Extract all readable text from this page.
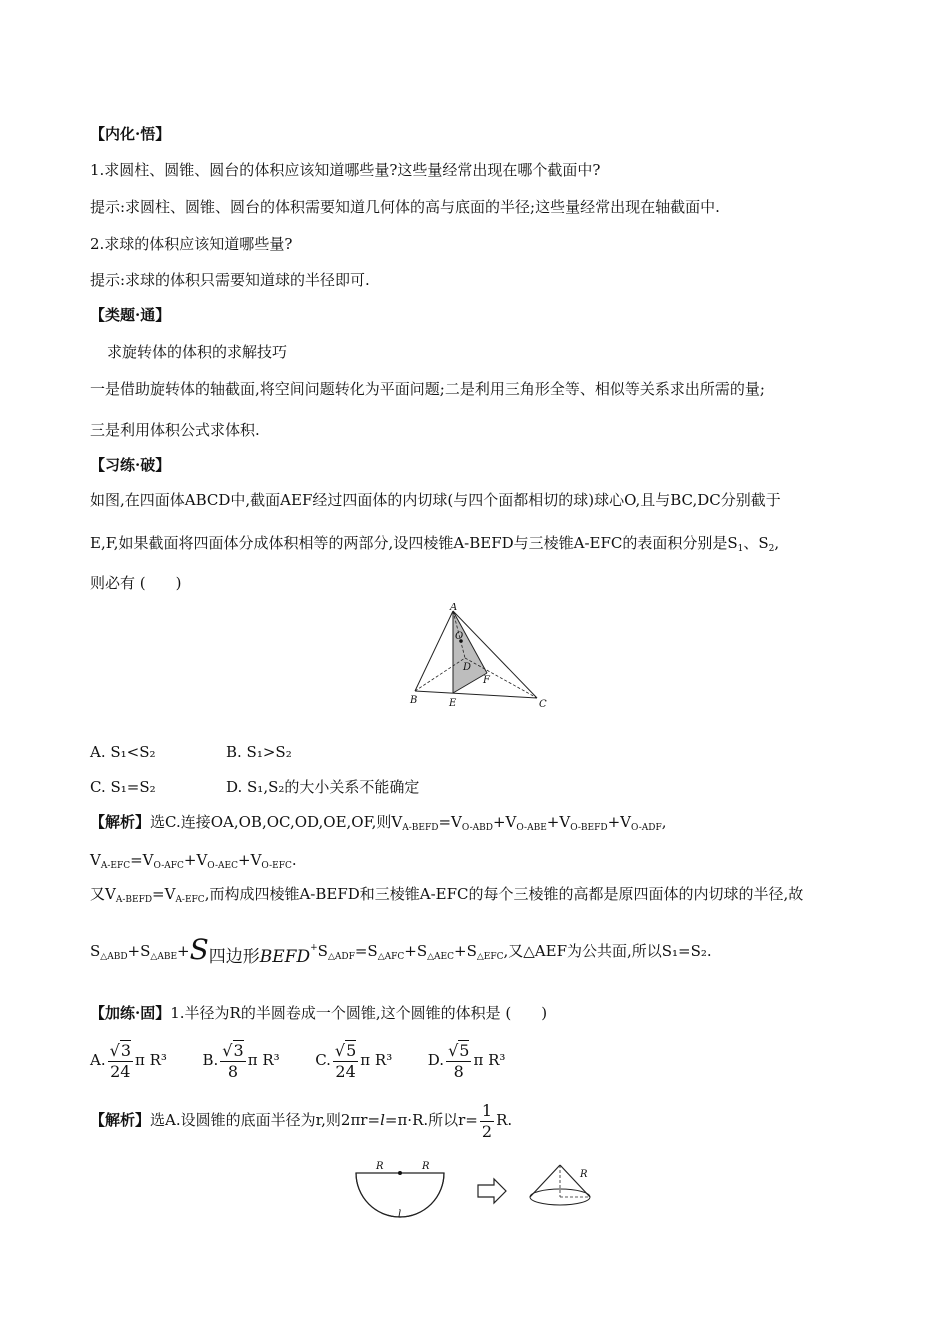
【内化·悟】
1.求圆柱、圆锥、圆台的体积应该知道哪些量?这些量经常出现在哪个截面中?
提示:求圆柱、圆锥、圆台的体积需要知道几何体的高与底面的半径;这些量经常出现在轴截面中.
2.求球的体积应该知道哪些量?
提示:求球的体积只需要知道球的半径即可.
【类题·通】
求旋转体的体积的求解技巧
一是借助旋转体的轴截面,将空间问题转化为平面问题;二是利用三角形全等、相似等关系求出所需的量;
三是利用体积公式求体积.
【习练·破】
如图,在四面体ABCD中,截面AEF经过四面体的内切球(与四个面都相切的球)球心O,且与BC,DC分别截于
E,F,如果截面将四面体分成体积相等的两部分,设四棱锥A-BEFD与三棱锥A-EFC的表面积分别是$S_1$、$S_2$,
则必有 (　　)
A
B	C
D
E
F
O
A. S₁<S₂	B. S₁>S₂
C. S₁=S₂	D. S₁,S₂的大小关系不能确定
【解析】选C.连接OA,OB,OC,OD,OE,OF,则$V_{A-BEFD}=V_{O-ABD}+V_{O-ABE}+V_{O-BEFD}+V_{O-ADF}$,
$V_{A-EFC}=V_{O-AFC}+V_{O-AEC}+V_{O-EFC}$.
又$V_{A-BEFD}=V_{A-EFC}$,而构成四棱锥A-BEFD和三棱锥A-EFC的每个三棱锥的高都是原四面体的内切球的半径,故
$S_{\triangle ABD}+S_{\triangle ABE}+S$四边形$BEFD^+S_{\triangle ADF}=S_{\triangle AFC}+S_{\triangle AEC}+S_{\triangle EFC}$,又△AEF为公共面,所以S₁=S₂.
【加练·固】1.半径为R的半圆卷成一个圆锥,这个圆锥的体积是 (　　)
A. $\frac{√3}{24}$ π R³ B. $\frac{√3}{8}$ π R³ C. $\frac{√5}{24}$ π R³ D. $\frac{√5}{8}$ π R³
【解析】选A.设圆锥的底面半径为r,则2πr=l=π·R.所以$r= \frac{1}{2} R$.
R	R
l
R
